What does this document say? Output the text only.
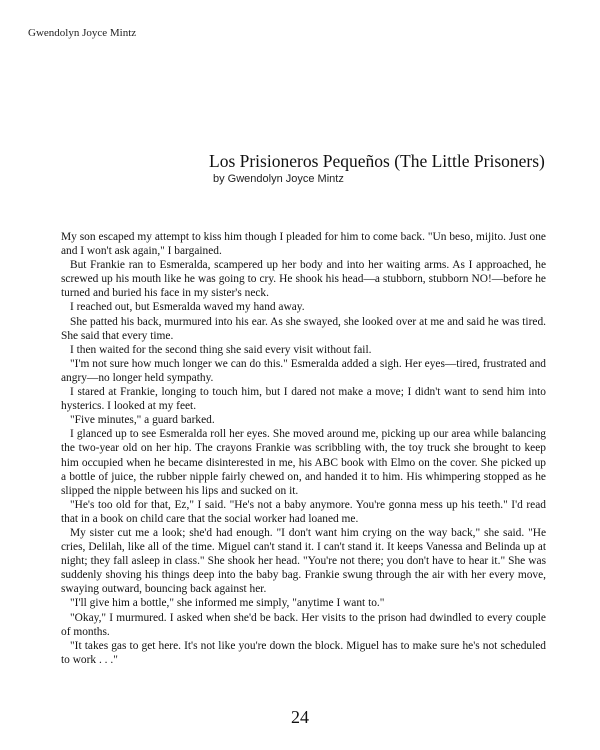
Gwendolyn Joyce Mintz
Los Prisioneros Pequeños (The Little Prisoners)
by Gwendolyn Joyce Mintz

My son escaped my attempt to kiss him though I pleaded for him to come back. "Un beso, mijito. Just one and I won't ask again," I bargained.

But Frankie ran to Esmeralda, scampered up her body and into her waiting arms. As I approached, he screwed up his mouth like he was going to cry. He shook his head—a stubborn, stubborn NO!—before he turned and buried his face in my sister's neck.

I reached out, but Esmeralda waved my hand away.

She patted his back, murmured into his ear. As she swayed, she looked over at me and said he was tired. She said that every time.

I then waited for the second thing she said every visit without fail.

"I'm not sure how much longer we can do this." Esmeralda added a sigh. Her eyes—tired, frustrated and angry—no longer held sympathy.

I stared at Frankie, longing to touch him, but I dared not make a move; I didn't want to send him into hysterics. I looked at my feet.

"Five minutes," a guard barked.

I glanced up to see Esmeralda roll her eyes. She moved around me, picking up our area while balancing the two-year old on her hip. The crayons Frankie was scribbling with, the toy truck she brought to keep him occupied when he became disinterested in me, his ABC book with Elmo on the cover. She picked up a bottle of juice, the rubber nipple fairly chewed on, and handed it to him. His whimpering stopped as he slipped the nipple between his lips and sucked on it.

"He's too old for that, Ez," I said. "He's not a baby anymore. You're gonna mess up his teeth." I'd read that in a book on child care that the social worker had loaned me.

My sister cut me a look; she'd had enough. "I don't want him crying on the way back," she said. "He cries, Delilah, like all of the time. Miguel can't stand it. I can't stand it. It keeps Vanessa and Belinda up at night; they fall asleep in class." She shook her head. "You're not there; you don't have to hear it." She was suddenly shoving his things deep into the baby bag. Frankie swung through the air with her every move, swaying outward, bouncing back against her.

"I'll give him a bottle," she informed me simply, "anytime I want to."

"Okay," I murmured. I asked when she'd be back. Her visits to the prison had dwindled to every couple of months.

"It takes gas to get here. It's not like you're down the block. Miguel has to make sure he's not scheduled to work . . ."

24
